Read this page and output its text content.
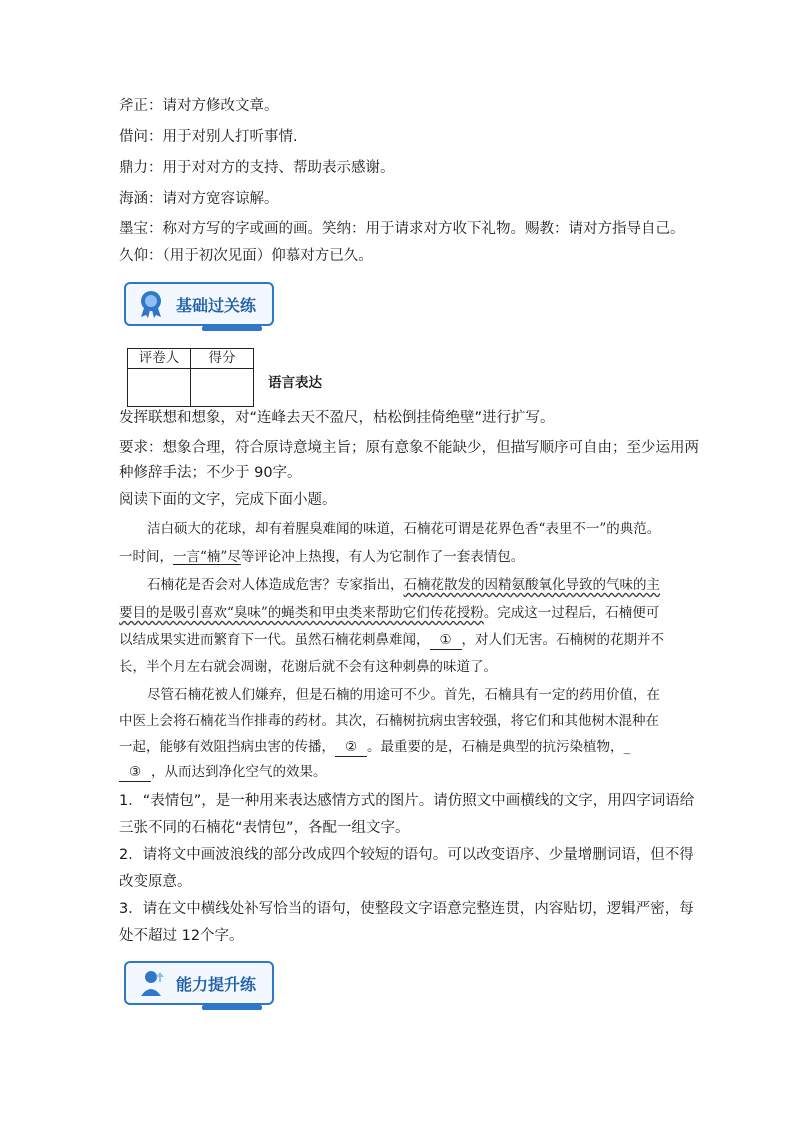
斧正：请对方修改文章。
借问：用于对别人打听事情.
鼎力：用于对对方的支持、帮助表示感谢。
海涵：请对方宽容谅解。
墨宝：称对方写的字或画的画。笑纳：用于请求对方收下礼物。赐教：请对方指导自己。
久仰：（用于初次见面）仰慕对方已久。
基础过关练
评卷人	得分

语言表达
发挥联想和想象，对“连峰去天不盈尺，枯松倒挂倚绝壁”进行扩写。
要求：想象合理，符合原诗意境主旨；原有意象不能缺少，但描写顺序可自由；至少运用两
种修辞手法；不少于 90字。
阅读下面的文字，完成下面小题。
洁白硕大的花球，却有着腥臭难闻的味道，石楠花可谓是花界色香“表里不一”的典范。
一时间，一言“楠”尽等评论冲上热搜，有人为它制作了一套表情包。
石楠花是否会对人体造成危害？专家指出，石楠花散发的因精氨酸氧化导致的气味的主
要目的是吸引喜欢“臭味”的蝇类和甲虫类来帮助它们传花授粉。完成这一过程后，石楠便可
以结成果实进而繁育下一代。虽然石楠花刺鼻难闻， ① ，对人们无害。石楠树的花期并不
长，半个月左右就会凋谢，花谢后就不会有这种刺鼻的味道了。
尽管石楠花被人们嫌弃，但是石楠的用途可不少。首先，石楠具有一定的药用价值，在
中医上会将石楠花当作排毒的药材。其次，石楠树抗病虫害较强，将它们和其他树木混种在
一起，能够有效阻挡病虫害的传播， ② 。最重要的是，石楠是典型的抗污染植物，_
③ ，从而达到净化空气的效果。
1．“表情包”，是一种用来表达感情方式的图片。请仿照文中画横线的文字，用四字词语给
三张不同的石楠花“表情包”，各配一组文字。
2．请将文中画波浪线的部分改成四个较短的语句。可以改变语序、少量增删词语，但不得
改变原意。
3．请在文中横线处补写恰当的语句，使整段文字语意完整连贯，内容贴切，逻辑严密，每
处不超过 12个字。
能力提升练
